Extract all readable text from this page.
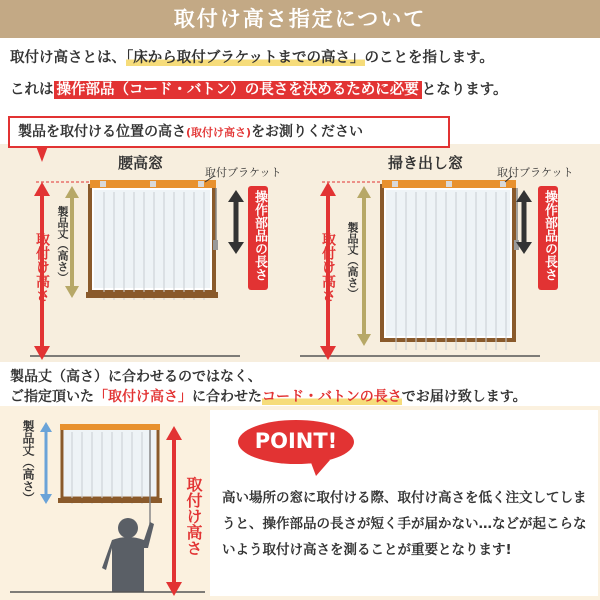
取付け高さ指定について
取付け高さとは、「床から取付ブラケットまでの高さ」のことを指します。
これは 操作部品（コード・バトン）の長さを決めるために必要 となります。
製品を取付ける位置の高さ(取付け高さ)をお測りください
腰高窓
取付ブラケット
取付け高さ 製品丈（高さ）	操作部品の長さ
掃き出し窓
取付ブラケット
取付け高さ 製品丈（高さ）	操作部品の長さ
製品丈（高さ）に合わせるのではなく、
ご指定頂いた「取付け高さ」に合わせたコード・バトンの長さでお届け致します。
製品丈（高さ）
取付け高さ
POINT!
高い場所の窓に取付ける際、取付け高さを低く注文してしまうと、操作部品の長さが短く手が届かない…などが起こらないよう取付け高さを測ることが重要となります!
